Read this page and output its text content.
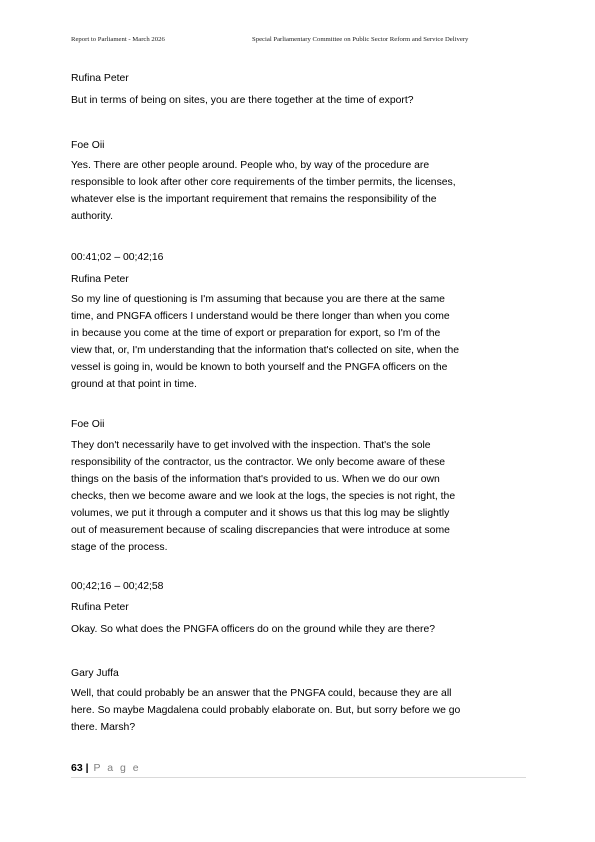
Report to Parliament - March 2026	Special Parliamentary Committee on Public Sector Reform and Service Delivery
Rufina Peter
But in terms of being on sites, you are there together at the time of export?
Foe Oii
Yes. There are other people around. People who, by way of the procedure are
responsible to look after other core requirements of the timber permits, the licenses,
whatever else is the important requirement that remains the responsibility of the
authority.
00:41;02 – 00;42;16
Rufina Peter
So my line of questioning is I'm assuming that because you are there at the same
time, and PNGFA officers I understand would be there longer than when you come
in because you come at the time of export or preparation for export, so I'm of the
view that, or, I'm understanding that the information that's collected on site, when the
vessel is going in, would be known to both yourself and the PNGFA officers on the
ground at that point in time.
Foe Oii
They don't necessarily have to get involved with the inspection. That's the sole
responsibility of the contractor, us the contractor. We only become aware of these
things on the basis of the information that's provided to us. When we do our own
checks, then we become aware and we look at the logs, the species is not right, the
volumes, we put it through a computer and it shows us that this log may be slightly
out of measurement because of scaling discrepancies that were introduce at some
stage of the process.
00;42;16 – 00;42;58
Rufina Peter
Okay. So what does the PNGFA officers do on the ground while they are there?
Gary Juffa
Well, that could probably be an answer that the PNGFA could, because they are all
here. So maybe Magdalena could probably elaborate on. But, but sorry before we go
there. Marsh?
63 | P a g e
